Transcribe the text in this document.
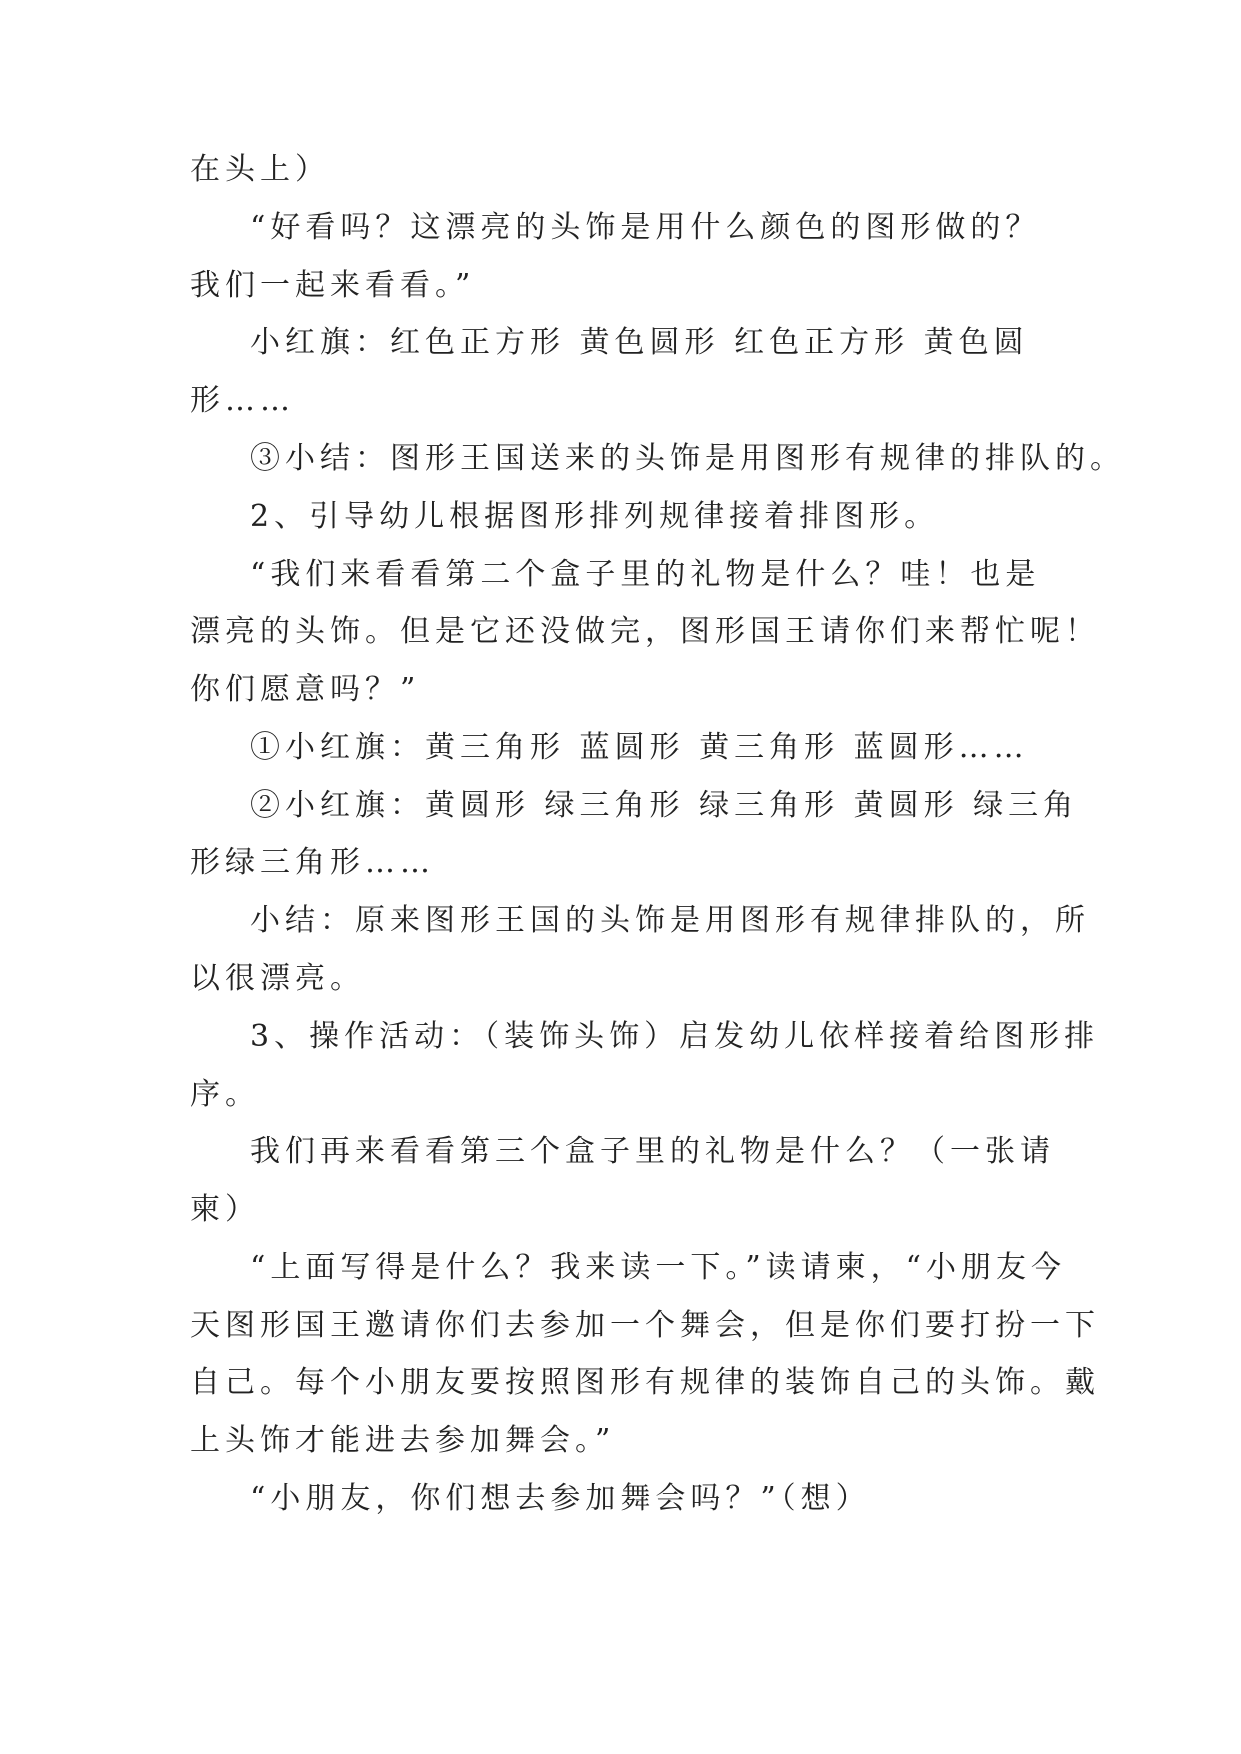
在头上）
“好看吗？这漂亮的头饰是用什么颜色的图形做的？
我们一起来看看。”
小红旗：红色正方形 黄色圆形 红色正方形 黄色圆
形……
③小结：图形王国送来的头饰是用图形有规律的排队的。
2、引导幼儿根据图形排列规律接着排图形。
“我们来看看第二个盒子里的礼物是什么？哇！也是
漂亮的头饰。但是它还没做完，图形国王请你们来帮忙呢！
你们愿意吗？”
①小红旗：黄三角形 蓝圆形 黄三角形 蓝圆形……
②小红旗：黄圆形 绿三角形 绿三角形 黄圆形 绿三角
形绿三角形……
小结：原来图形王国的头饰是用图形有规律排队的，所
以很漂亮。
3、操作活动：（装饰头饰）启发幼儿依样接着给图形排
序。
我们再来看看第三个盒子里的礼物是什么？（一张请
柬）
“上面写得是什么？我来读一下。”读请柬，“小朋友今
天图形国王邀请你们去参加一个舞会，但是你们要打扮一下
自己。每个小朋友要按照图形有规律的装饰自己的头饰。戴
上头饰才能进去参加舞会。”
“小朋友，你们想去参加舞会吗？”（想）
